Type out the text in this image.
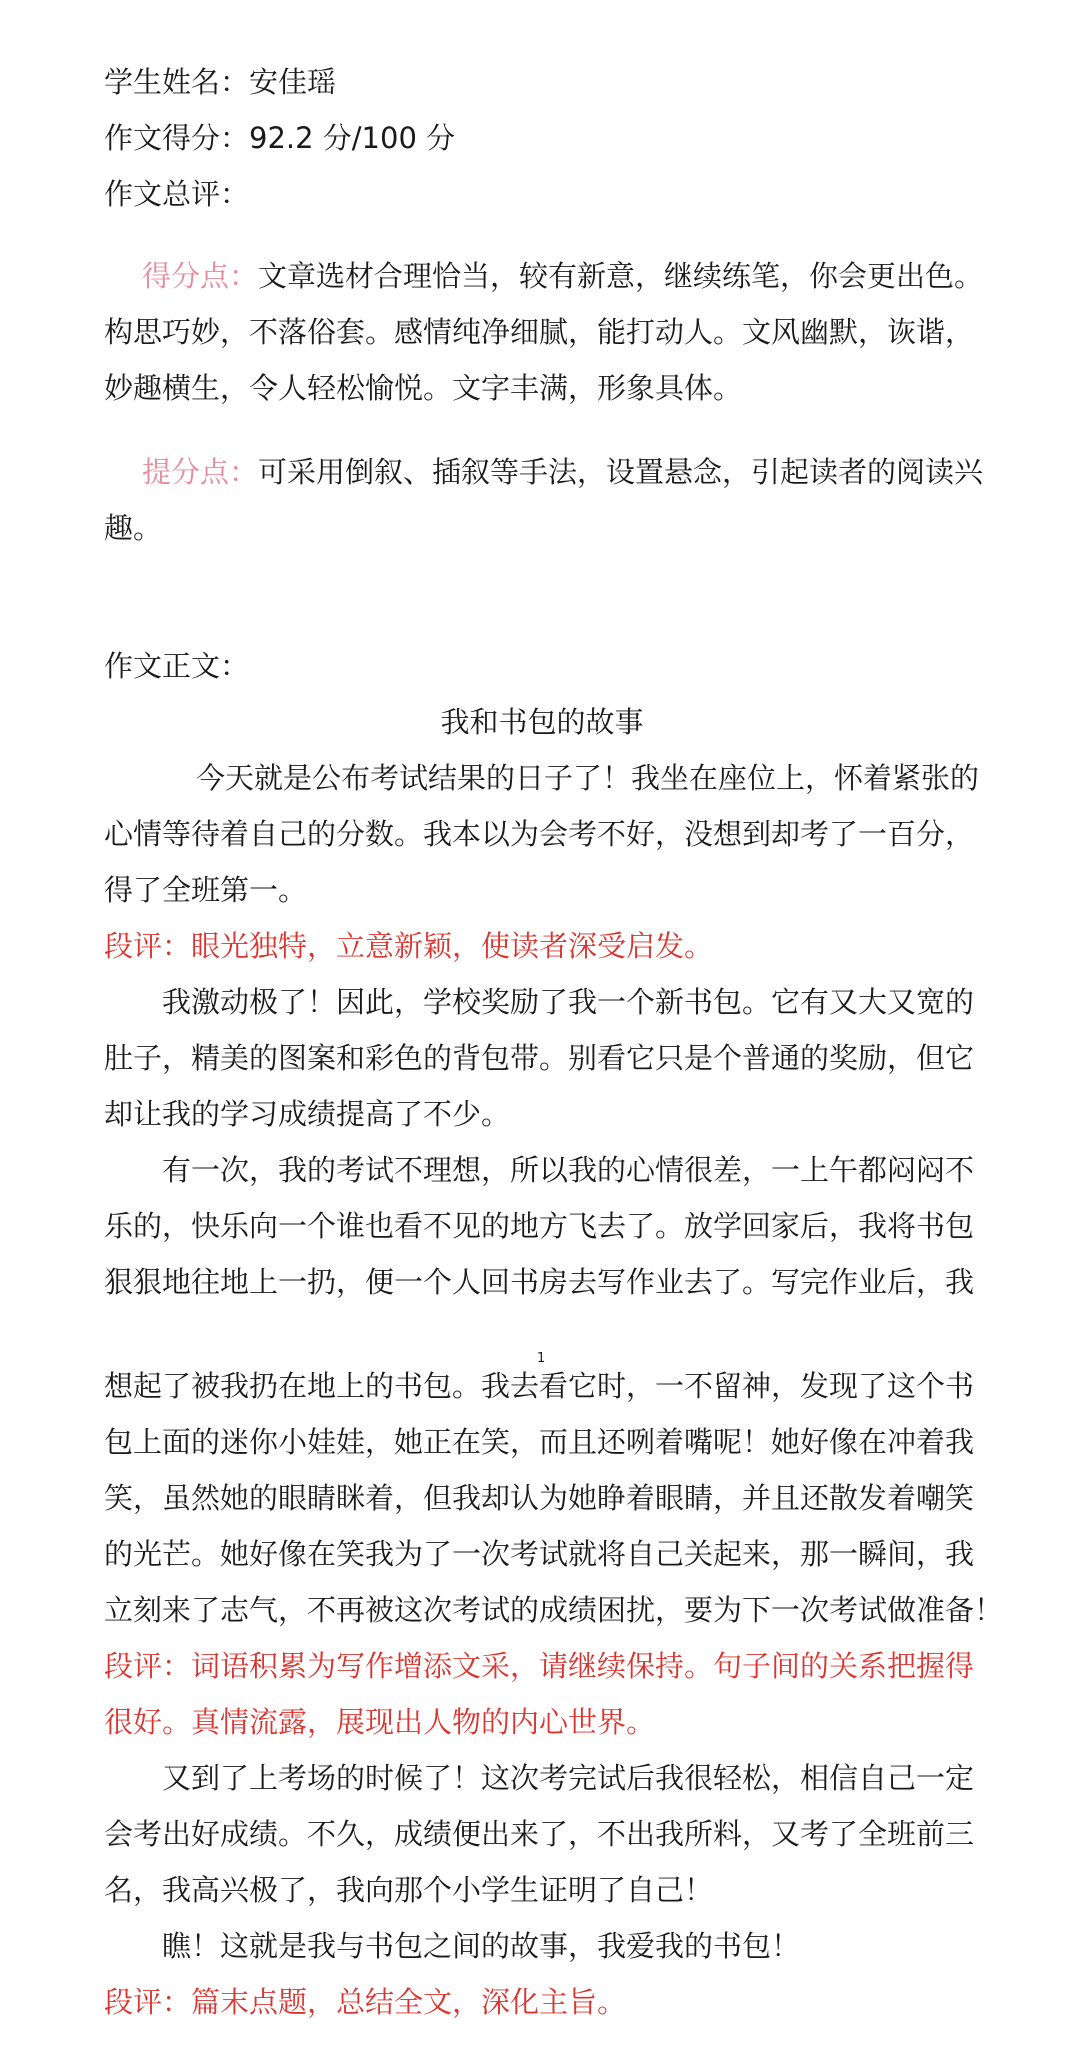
学生姓名：安佳瑶
作文得分：92.2 分/100 分
作文总评：
得分点：文章选材合理恰当，较有新意，继续练笔，你会更出色。
构思巧妙，不落俗套。感情纯净细腻，能打动人。文风幽默，诙谐，
妙趣横生，令人轻松愉悦。文字丰满，形象具体。
提分点：可采用倒叙、插叙等手法，设置悬念，引起读者的阅读兴
趣。
作文正文：
我和书包的故事
今天就是公布考试结果的日子了！我坐在座位上，怀着紧张的
心情等待着自己的分数。我本以为会考不好，没想到却考了一百分，
得了全班第一。
段评：眼光独特，立意新颖，使读者深受启发。
我激动极了！因此，学校奖励了我一个新书包。它有又大又宽的
肚子，精美的图案和彩色的背包带。别看它只是个普通的奖励，但它
却让我的学习成绩提高了不少。
有一次，我的考试不理想，所以我的心情很差，一上午都闷闷不
乐的，快乐向一个谁也看不见的地方飞去了。放学回家后，我将书包
狠狠地往地上一扔，便一个人回书房去写作业去了。写完作业后，我
1
想起了被我扔在地上的书包。我去看它时，一不留神，发现了这个书
包上面的迷你小娃娃，她正在笑，而且还咧着嘴呢！她好像在冲着我
笑，虽然她的眼睛眯着，但我却认为她睁着眼睛，并且还散发着嘲笑
的光芒。她好像在笑我为了一次考试就将自己关起来，那一瞬间，我
立刻来了志气，不再被这次考试的成绩困扰，要为下一次考试做准备！
段评：词语积累为写作增添文采，请继续保持。句子间的关系把握得
很好。真情流露，展现出人物的内心世界。
又到了上考场的时候了！这次考完试后我很轻松，相信自己一定
会考出好成绩。不久，成绩便出来了，不出我所料，又考了全班前三
名，我高兴极了，我向那个小学生证明了自己！
瞧！这就是我与书包之间的故事，我爱我的书包！
段评：篇末点题，总结全文，深化主旨。
